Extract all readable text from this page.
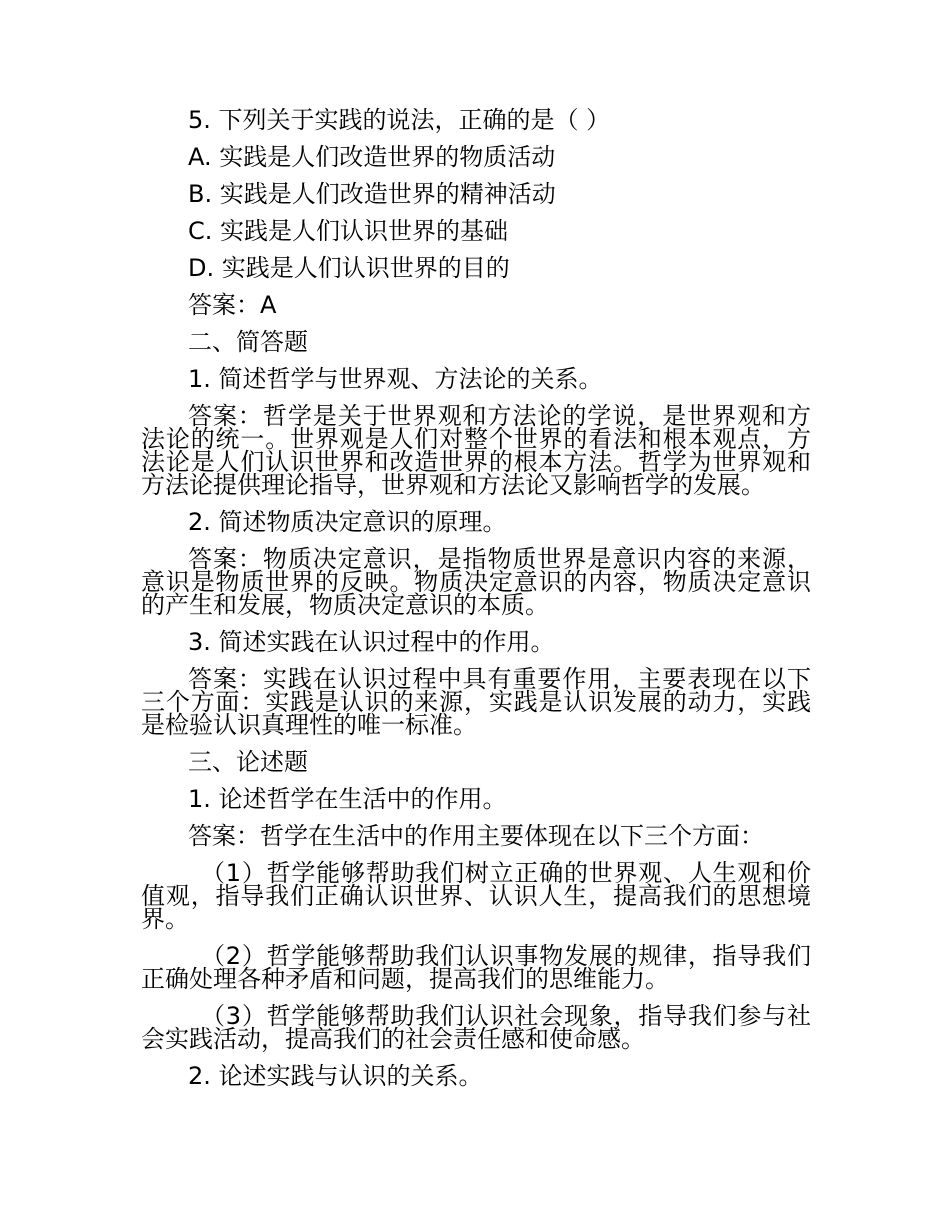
5. 下列关于实践的说法，正确的是（ ）

A. 实践是人们改造世界的物质活动

B. 实践是人们改造世界的精神活动

C. 实践是人们认识世界的基础

D. 实践是人们认识世界的目的

答案：A

二、简答题

1. 简述哲学与世界观、方法论的关系。

答案：哲学是关于世界观和方法论的学说，是世界观和方法论的统一。世界观是人们对整个世界的看法和根本观点，方法论是人们认识世界和改造世界的根本方法。哲学为世界观和方法论提供理论指导，世界观和方法论又影响哲学的发展。

2. 简述物质决定意识的原理。

答案：物质决定意识，是指物质世界是意识内容的来源，意识是物质世界的反映。物质决定意识的内容，物质决定意识的产生和发展，物质决定意识的本质。

3. 简述实践在认识过程中的作用。

答案：实践在认识过程中具有重要作用，主要表现在以下三个方面：实践是认识的来源，实践是认识发展的动力，实践是检验认识真理性的唯一标准。

三、论述题

1. 论述哲学在生活中的作用。

答案：哲学在生活中的作用主要体现在以下三个方面：

（1）哲学能够帮助我们树立正确的世界观、人生观和价值观，指导我们正确认识世界、认识人生，提高我们的思想境界。

（2）哲学能够帮助我们认识事物发展的规律，指导我们正确处理各种矛盾和问题，提高我们的思维能力。

（3）哲学能够帮助我们认识社会现象，指导我们参与社会实践活动，提高我们的社会责任感和使命感。

2. 论述实践与认识的关系。
